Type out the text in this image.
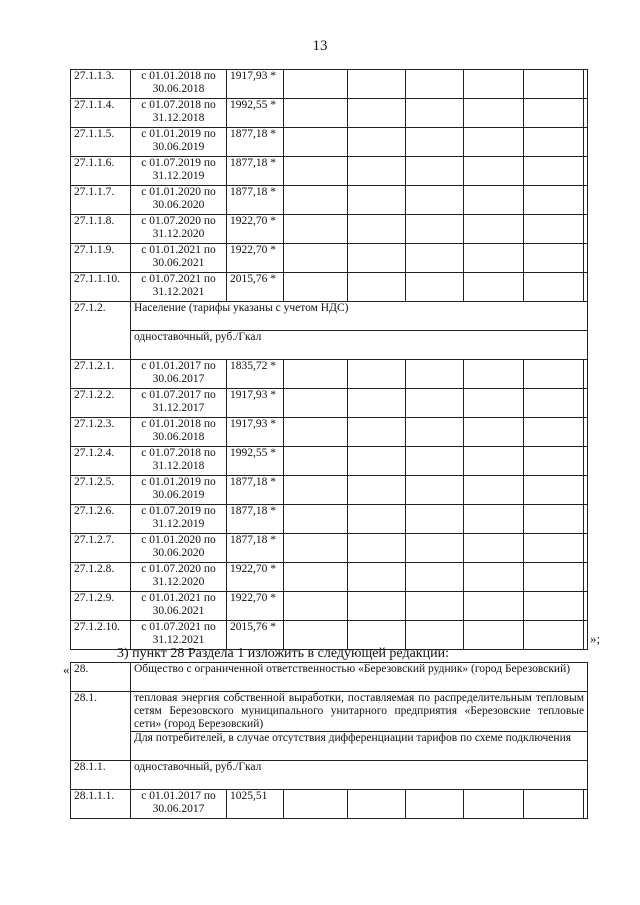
13
27.1.1.3.	с 01.01.2018 по 30.06.2018	1917,93 *						
27.1.1.4.	с 01.07.2018 по 31.12.2018	1992,55 *						
27.1.1.5.	с 01.01.2019 по 30.06.2019	1877,18 *						
27.1.1.6.	с 01.07.2019 по 31.12.2019	1877,18 *						
27.1.1.7.	с 01.01.2020 по 30.06.2020	1877,18 *						
27.1.1.8.	с 01.07.2020 по 31.12.2020	1922,70 *						
27.1.1.9.	с 01.01.2021 по 30.06.2021	1922,70 *						
27.1.1.10.	с 01.07.2021 по 31.12.2021	2015,76 *						
27.1.2.	Население (тарифы указаны с учетом НДС)							
	одноставочный, руб./Гкал							
27.1.2.1.	с 01.01.2017 по 30.06.2017	1835,72 *						
27.1.2.2.	с 01.07.2017 по 31.12.2017	1917,93 *						
27.1.2.3.	с 01.01.2018 по 30.06.2018	1917,93 *						
27.1.2.4.	с 01.07.2018 по 31.12.2018	1992,55 *						
27.1.2.5.	с 01.01.2019 по 30.06.2019	1877,18 *						
27.1.2.6.	с 01.07.2019 по 31.12.2019	1877,18 *						
27.1.2.7.	с 01.01.2020 по 30.06.2020	1877,18 *						
27.1.2.8.	с 01.07.2020 по 31.12.2020	1922,70 *						
27.1.2.9.	с 01.01.2021 по 30.06.2021	1922,70 *						
27.1.2.10.	с 01.07.2021 по 31.12.2021	2015,76 *						
»;
3) пункт 28 Раздела 1 изложить в следующей редакции:
« 28.	Общество с ограниченной ответственностью «Березовский рудник» (город Березовский)							
28.1.	тепловая энергия собственной выработки, поставляемая по распределительным тепловым сетям Березовского муниципального унитарного предприятия «Березовские тепловые сети» (город Березовский)							
	Для потребителей, в случае отсутствия дифференциации тарифов по схеме подключения							
28.1.1.	одноставочный, руб./Гкал							
28.1.1.1.	с 01.01.2017 по 30.06.2017	1025,51						
